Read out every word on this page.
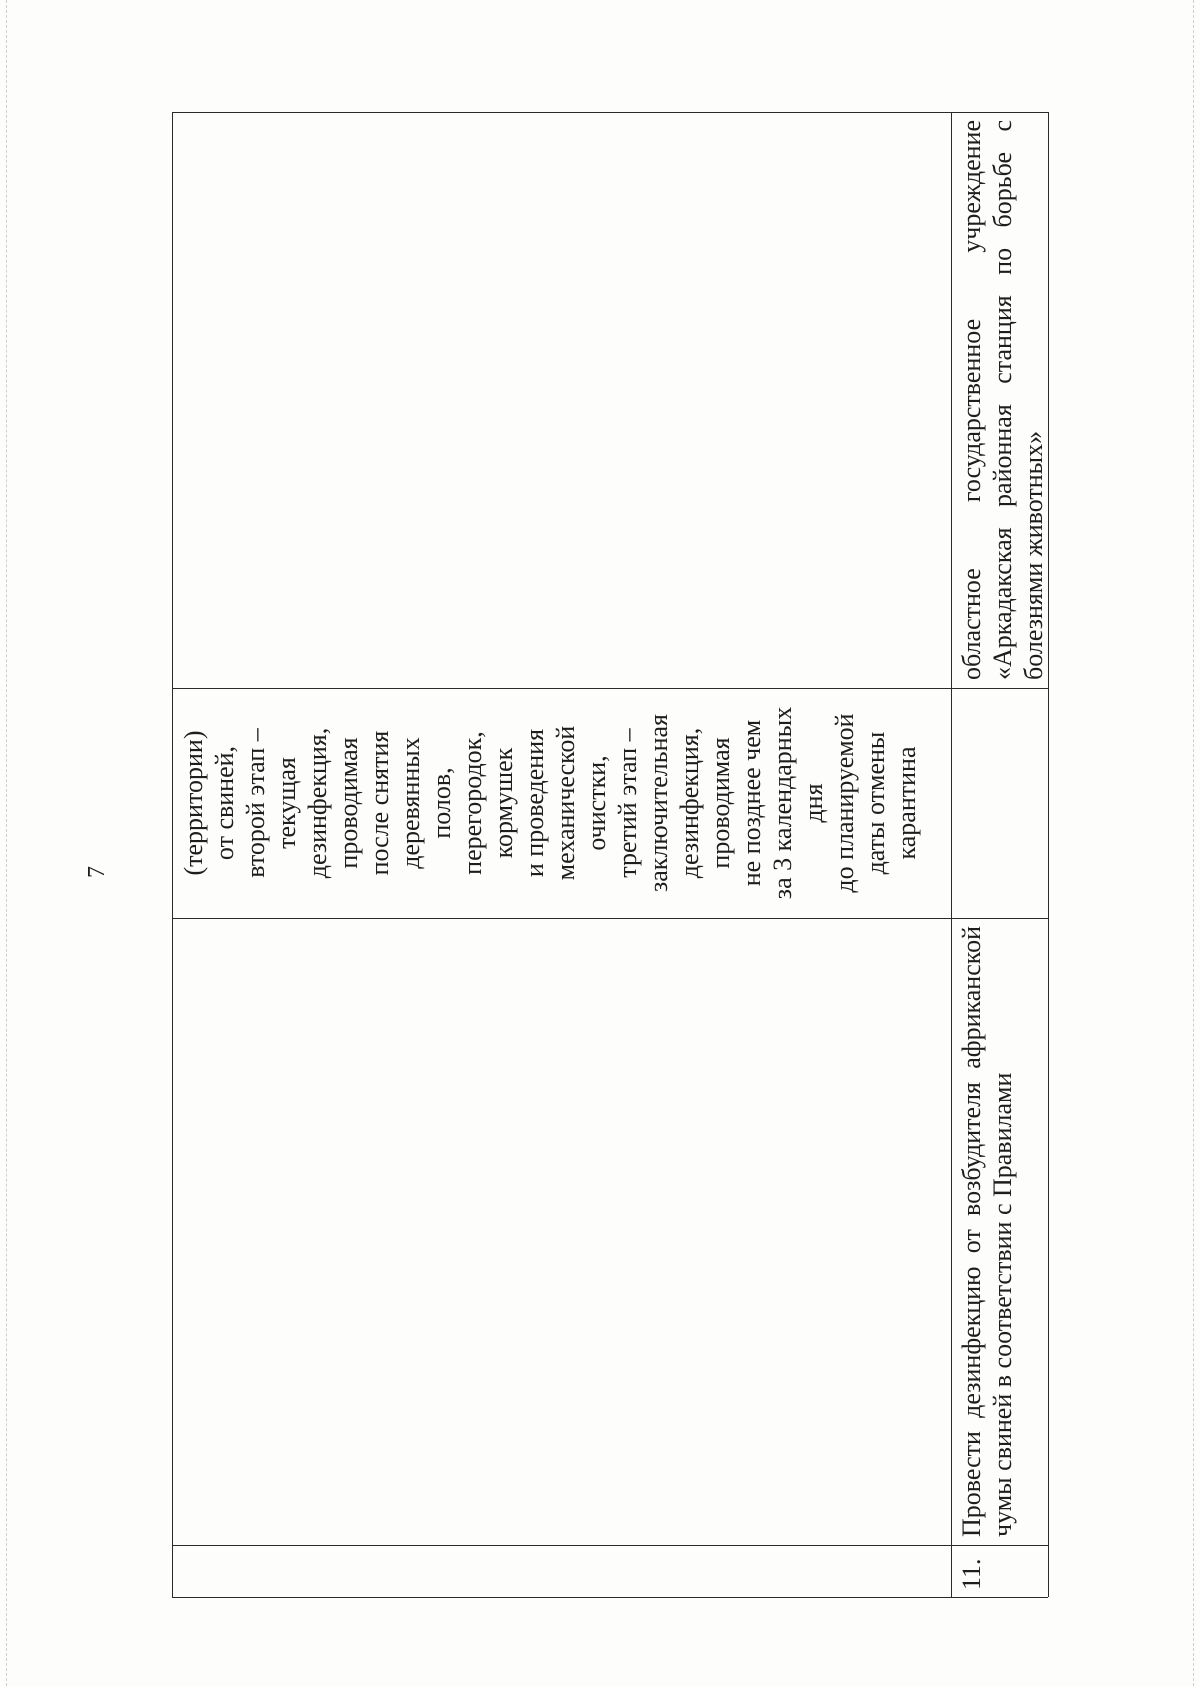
7	(территории) от свиней, второй этап – текущая дезинфекция, проводимая после снятия деревянных полов, перегородок, кормушек и проведения механической очистки, третий этап – заключительная дезинфекция, проводимая не позднее чем за 3 календарных дня до планируемой даты отмены карантина
11.
Провести дезинфекцию от возбудителя африканской чумы свиней в соответствии с Правилами
областное государственное учреждение «Аркадакская районная станция по борьбе с болезнями животных»
